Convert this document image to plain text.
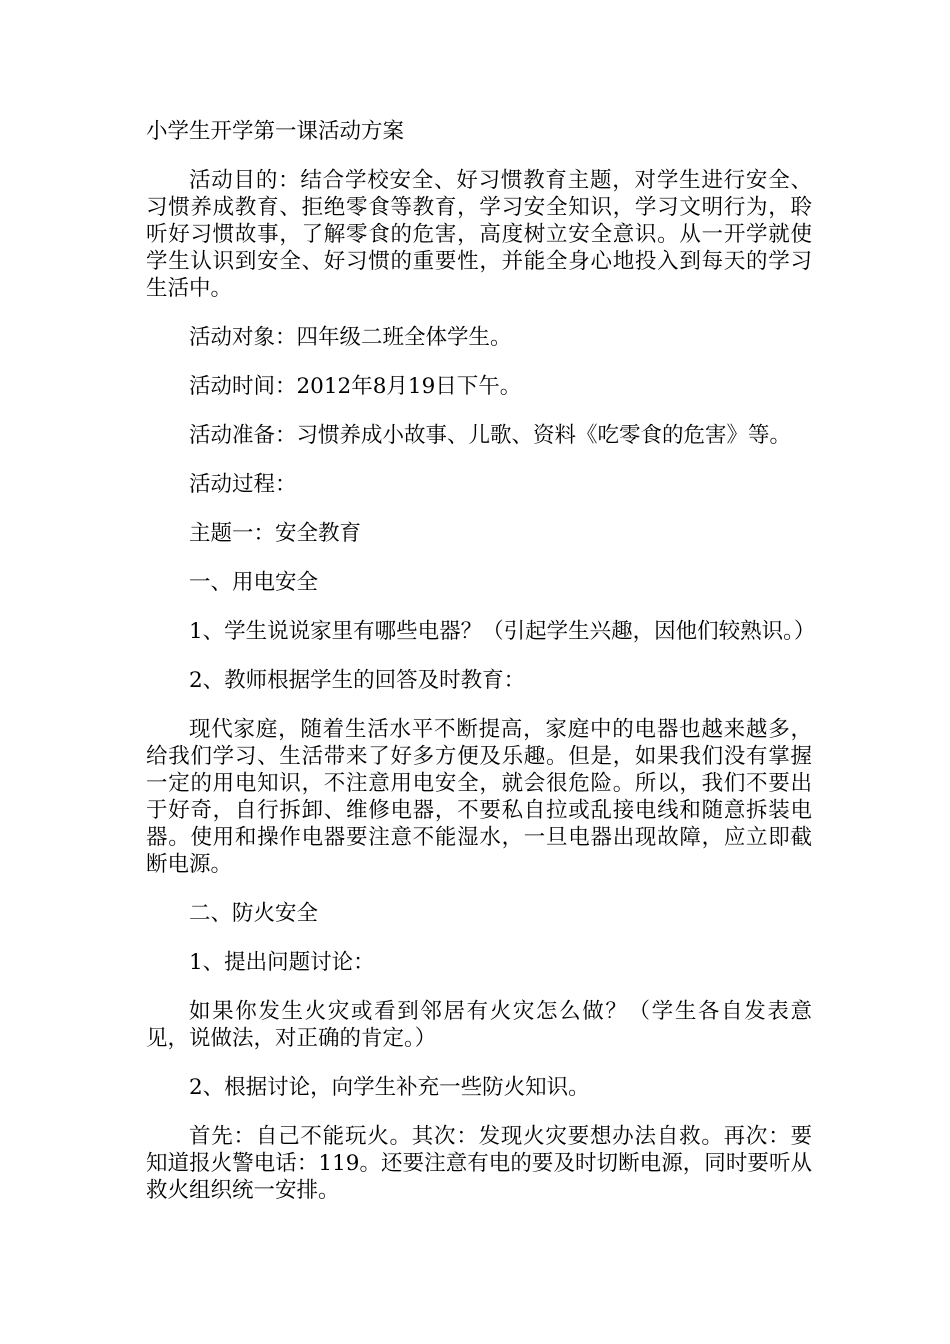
小学生开学第一课活动方案

活动目的：结合学校安全、好习惯教育主题，对学生进行安全、习惯养成教育、拒绝零食等教育，学习安全知识，学习文明行为，聆听好习惯故事，了解零食的危害，高度树立安全意识。从一开学就使学生认识到安全、好习惯的重要性，并能全身心地投入到每天的学习生活中。

活动对象：四年级二班全体学生。

活动时间：2012年8月19日下午。

活动准备：习惯养成小故事、儿歌、资料《吃零食的危害》等。

活动过程：

主题一：安全教育

一、用电安全

1、学生说说家里有哪些电器？（引起学生兴趣，因他们较熟识。）

2、教师根据学生的回答及时教育：

现代家庭，随着生活水平不断提高，家庭中的电器也越来越多，给我们学习、生活带来了好多方便及乐趣。但是，如果我们没有掌握一定的用电知识，不注意用电安全，就会很危险。所以，我们不要出于好奇，自行拆卸、维修电器，不要私自拉或乱接电线和随意拆装电器。使用和操作电器要注意不能湿水，一旦电器出现故障，应立即截断电源。

二、防火安全

1、提出问题讨论：

如果你发生火灾或看到邻居有火灾怎么做？（学生各自发表意见，说做法，对正确的肯定。）

2、根据讨论，向学生补充一些防火知识。

首先：自己不能玩火。其次：发现火灾要想办法自救。再次：要知道报火警电话：119。还要注意有电的要及时切断电源，同时要听从救火组织统一安排。
